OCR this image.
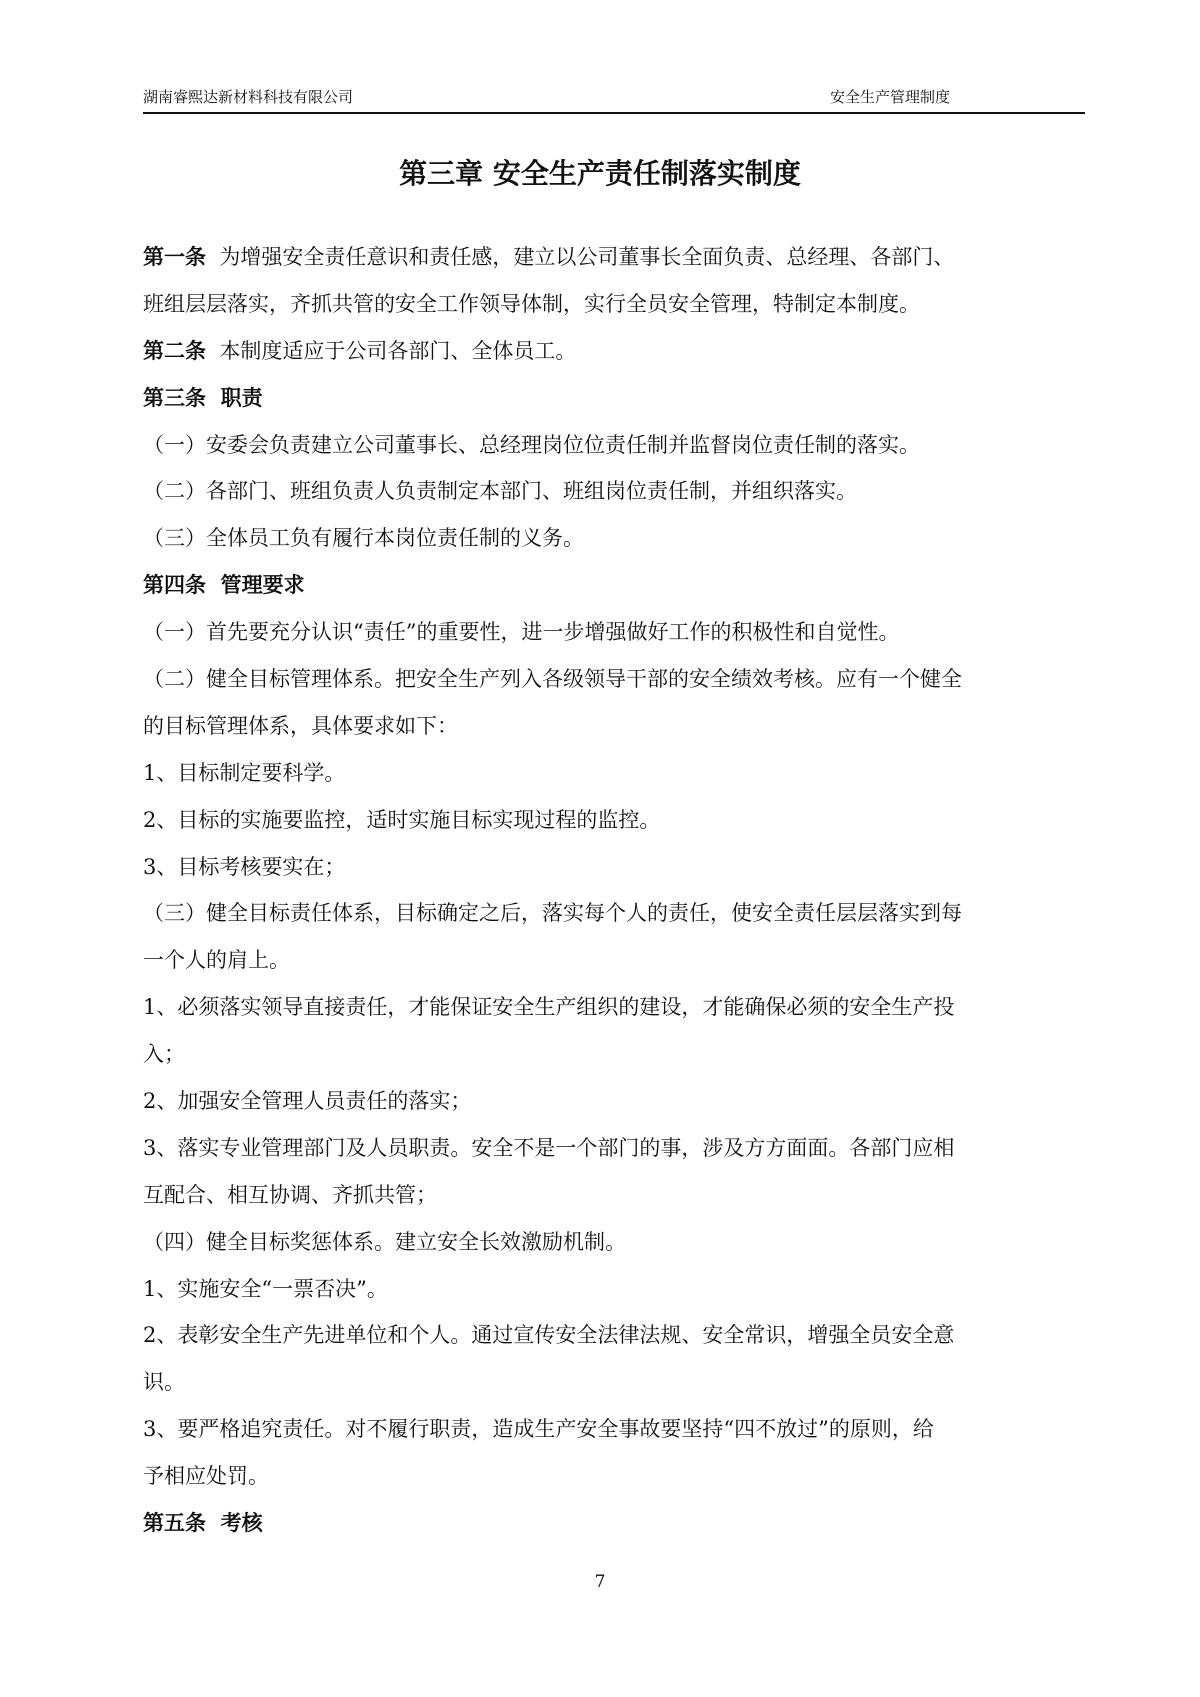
湖南睿熙达新材料科技有限公司	安全生产管理制度
第三章 安全生产责任制落实制度
第一条 为增强安全责任意识和责任感，建立以公司董事长全面负责、总经理、各部门、
班组层层落实，齐抓共管的安全工作领导体制，实行全员安全管理，特制定本制度。
第二条 本制度适应于公司各部门、全体员工。
第三条 职责
（一）安委会负责建立公司董事长、总经理岗位位责任制并监督岗位责任制的落实。
（二）各部门、班组负责人负责制定本部门、班组岗位责任制，并组织落实。
（三）全体员工负有履行本岗位责任制的义务。
第四条 管理要求
（一）首先要充分认识“责任”的重要性，进一步增强做好工作的积极性和自觉性。
（二）健全目标管理体系。把安全生产列入各级领导干部的安全绩效考核。应有一个健全
的目标管理体系，具体要求如下：
1、目标制定要科学。
2、目标的实施要监控，适时实施目标实现过程的监控。
3、目标考核要实在；
（三）健全目标责任体系，目标确定之后，落实每个人的责任，使安全责任层层落实到每
一个人的肩上。
1、必须落实领导直接责任，才能保证安全生产组织的建设，才能确保必须的安全生产投
入；
2、加强安全管理人员责任的落实；
3、落实专业管理部门及人员职责。安全不是一个部门的事，涉及方方面面。各部门应相
互配合、相互协调、齐抓共管；
（四）健全目标奖惩体系。建立安全长效激励机制。
1、实施安全“一票否决”。
2、表彰安全生产先进单位和个人。通过宣传安全法律法规、安全常识，增强全员安全意
识。
3、要严格追究责任。对不履行职责，造成生产安全事故要坚持“四不放过”的原则，给
予相应处罚。
第五条 考核
7
